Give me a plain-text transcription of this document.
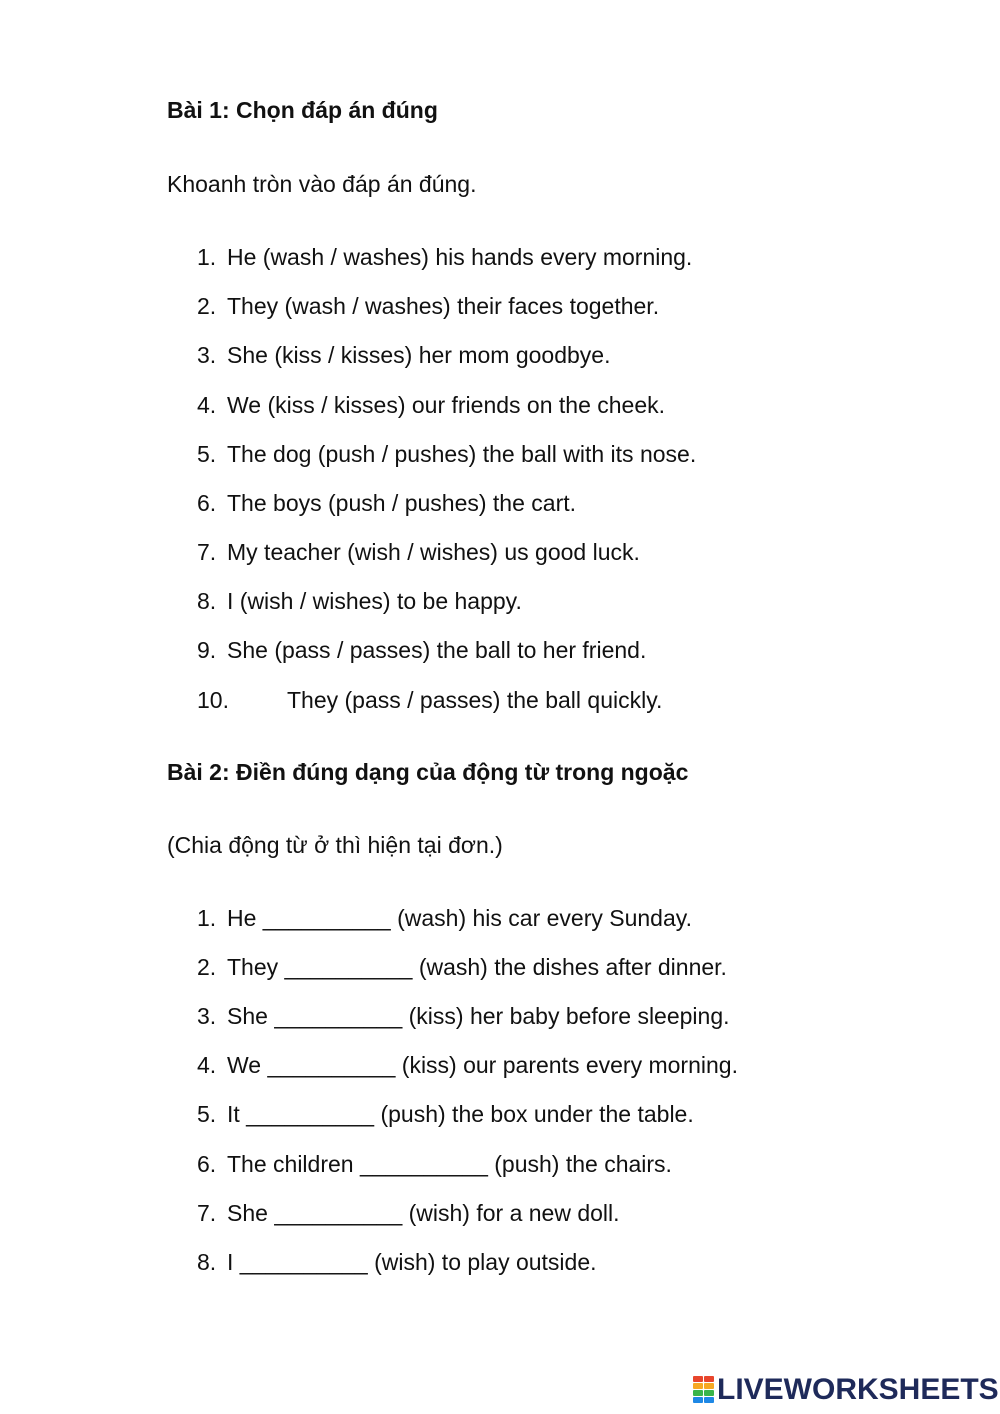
Bài 1: Chọn đáp án đúng
Khoanh tròn vào đáp án đúng.
1. He (wash / washes) his hands every morning.
2. They (wash / washes) their faces together.
3. She (kiss / kisses) her mom goodbye.
4. We (kiss / kisses) our friends on the cheek.
5. The dog (push / pushes) the ball with its nose.
6. The boys (push / pushes) the cart.
7. My teacher (wish / wishes) us good luck.
8. I (wish / wishes) to be happy.
9. She (pass / passes) the ball to her friend.
10.	They (pass / passes) the ball quickly.
Bài 2: Điền đúng dạng của động từ trong ngoặc
(Chia động từ ở thì hiện tại đơn.)
1. He __________ (wash) his car every Sunday.
2. They __________ (wash) the dishes after dinner.
3. She __________ (kiss) her baby before sleeping.
4. We __________ (kiss) our parents every morning.
5. It __________ (push) the box under the table.
6. The children __________ (push) the chairs.
7. She __________ (wish) for a new doll.
8. I __________ (wish) to play outside.
LIVEWORKSHEETS
